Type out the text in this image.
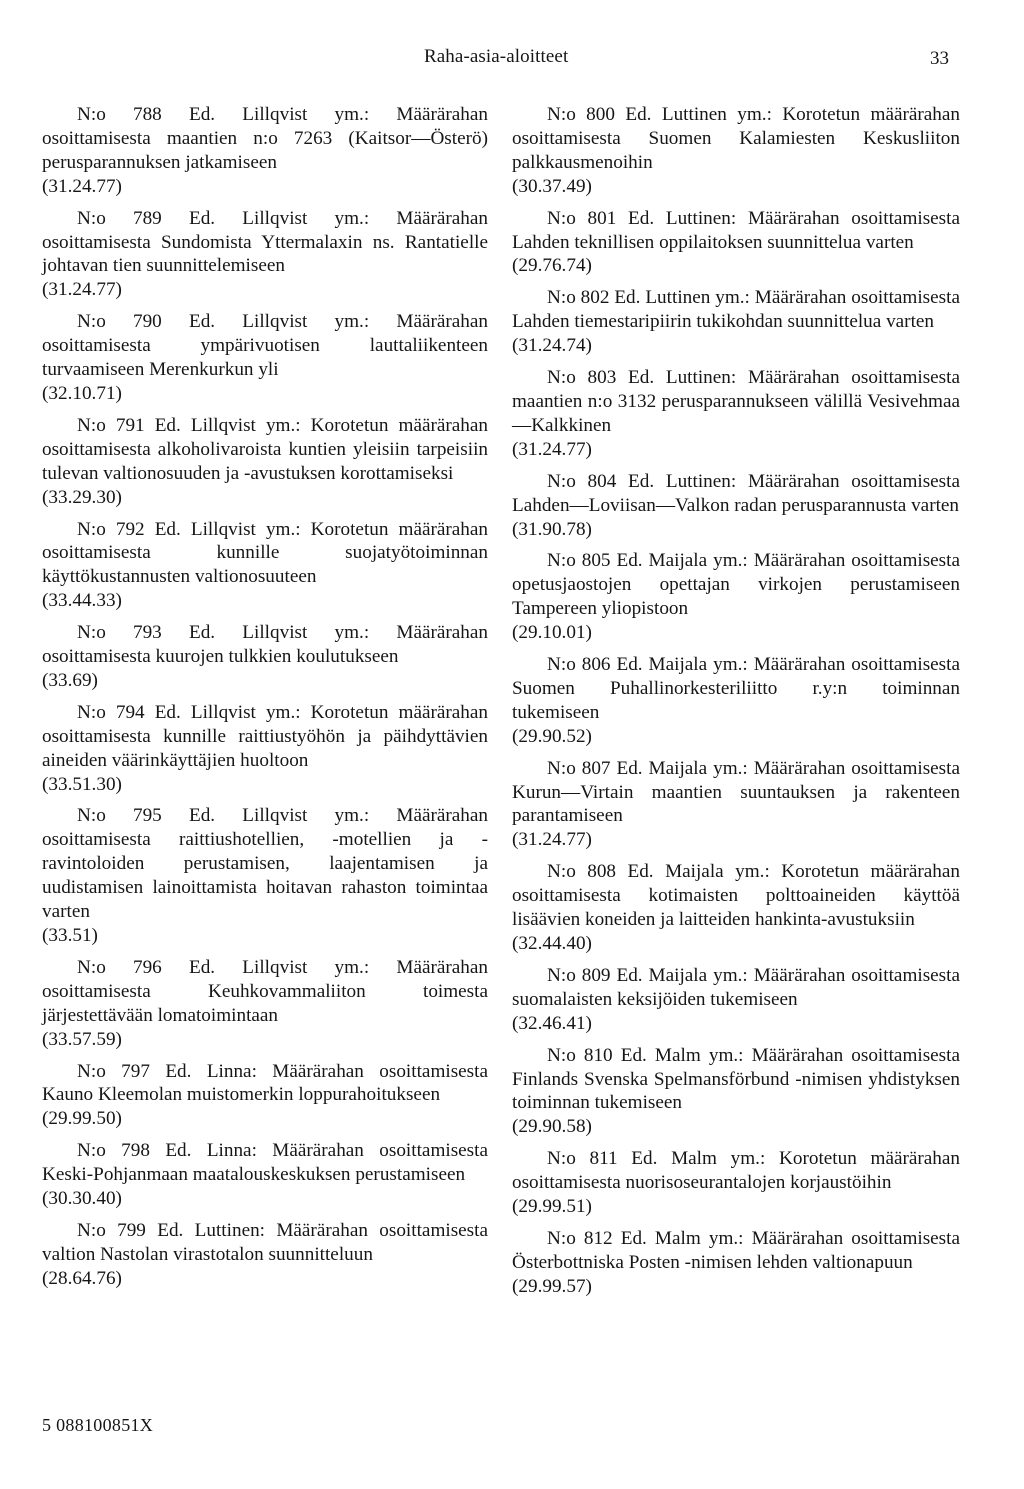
Raha-asia-aloitteet	33
N:o 788 Ed. Lillqvist ym.: Määrärahan osoittamisesta maantien n:o 7263 (Kaitsor—Österö) perusparannuksen jatkamiseen
(31.24.77)
N:o 789 Ed. Lillqvist ym.: Määrärahan osoittamisesta Sundomista Yttermalaxin ns. Rantatielle johtavan tien suunnittelemiseen
(31.24.77)
N:o 790 Ed. Lillqvist ym.: Määrärahan osoittamisesta ympärivuotisen lauttaliikenteen turvaamiseen Merenkurkun yli
(32.10.71)
N:o 791 Ed. Lillqvist ym.: Korotetun määrärahan osoittamisesta alkoholivaroista kuntien yleisiin tarpeisiin tulevan valtionosuuden ja -avustuksen korottamiseksi
(33.29.30)
N:o 792 Ed. Lillqvist ym.: Korotetun määrärahan osoittamisesta kunnille suojatyötoiminnan käyttökustannusten valtionosuuteen
(33.44.33)
N:o 793 Ed. Lillqvist ym.: Määrärahan osoittamisesta kuurojen tulkkien koulutukseen
(33.69)
N:o 794 Ed. Lillqvist ym.: Korotetun määrärahan osoittamisesta kunnille raittiustyöhön ja päihdyttävien aineiden väärinkäyttäjien huoltoon
(33.51.30)
N:o 795 Ed. Lillqvist ym.: Määrärahan osoittamisesta raittiushotellien, -motellien ja -ravintoloiden perustamisen, laajentamisen ja uudistamisen lainoittamista hoitavan rahaston toimintaa varten
(33.51)
N:o 796 Ed. Lillqvist ym.: Määrärahan osoittamisesta Keuhkovammaliiton toimesta järjestettävään lomatoimintaan
(33.57.59)
N:o 797 Ed. Linna: Määrärahan osoittamisesta Kauno Kleemolan muistomerkin loppurahoitukseen
(29.99.50)
N:o 798 Ed. Linna: Määrärahan osoittamisesta Keski-Pohjanmaan maatalouskeskuksen perustamiseen
(30.30.40)
N:o 799 Ed. Luttinen: Määrärahan osoittamisesta valtion Nastolan virastotalon suunnitteluun
(28.64.76)
N:o 800 Ed. Luttinen ym.: Korotetun määrärahan osoittamisesta Suomen Kalamiesten Keskusliiton palkkausmenoihin
(30.37.49)
N:o 801 Ed. Luttinen: Määrärahan osoittamisesta Lahden teknillisen oppilaitoksen suunnittelua varten
(29.76.74)
N:o 802 Ed. Luttinen ym.: Määrärahan osoittamisesta Lahden tiemestaripiirin tukikohdan suunnittelua varten
(31.24.74)
N:o 803 Ed. Luttinen: Määrärahan osoittamisesta maantien n:o 3132 perusparannukseen välillä Vesivehmaa—Kalkkinen
(31.24.77)
N:o 804 Ed. Luttinen: Määrärahan osoittamisesta Lahden—Loviisan—Valkon radan perusparannusta varten
(31.90.78)
N:o 805 Ed. Maijala ym.: Määrärahan osoittamisesta opetusjaostojen opettajan virkojen perustamiseen Tampereen yliopistoon
(29.10.01)
N:o 806 Ed. Maijala ym.: Määrärahan osoittamisesta Suomen Puhallinorkesteriliitto r.y:n toiminnan tukemiseen
(29.90.52)
N:o 807 Ed. Maijala ym.: Määrärahan osoittamisesta Kurun—Virtain maantien suuntauksen ja rakenteen parantamiseen
(31.24.77)
N:o 808 Ed. Maijala ym.: Korotetun määrärahan osoittamisesta kotimaisten polttoaineiden käyttöä lisäävien koneiden ja laitteiden hankinta-avustuksiin
(32.44.40)
N:o 809 Ed. Maijala ym.: Määrärahan osoittamisesta suomalaisten keksijöiden tukemiseen
(32.46.41)
N:o 810 Ed. Malm ym.: Määrärahan osoittamisesta Finlands Svenska Spelmansförbund -nimisen yhdistyksen toiminnan tukemiseen
(29.90.58)
N:o 811 Ed. Malm ym.: Korotetun määrärahan osoittamisesta nuorisoseurantalojen korjaustöihin
(29.99.51)
N:o 812 Ed. Malm ym.: Määrärahan osoittamisesta Österbottniska Posten -nimisen lehden valtionapuun
(29.99.57)
5 088100851X
